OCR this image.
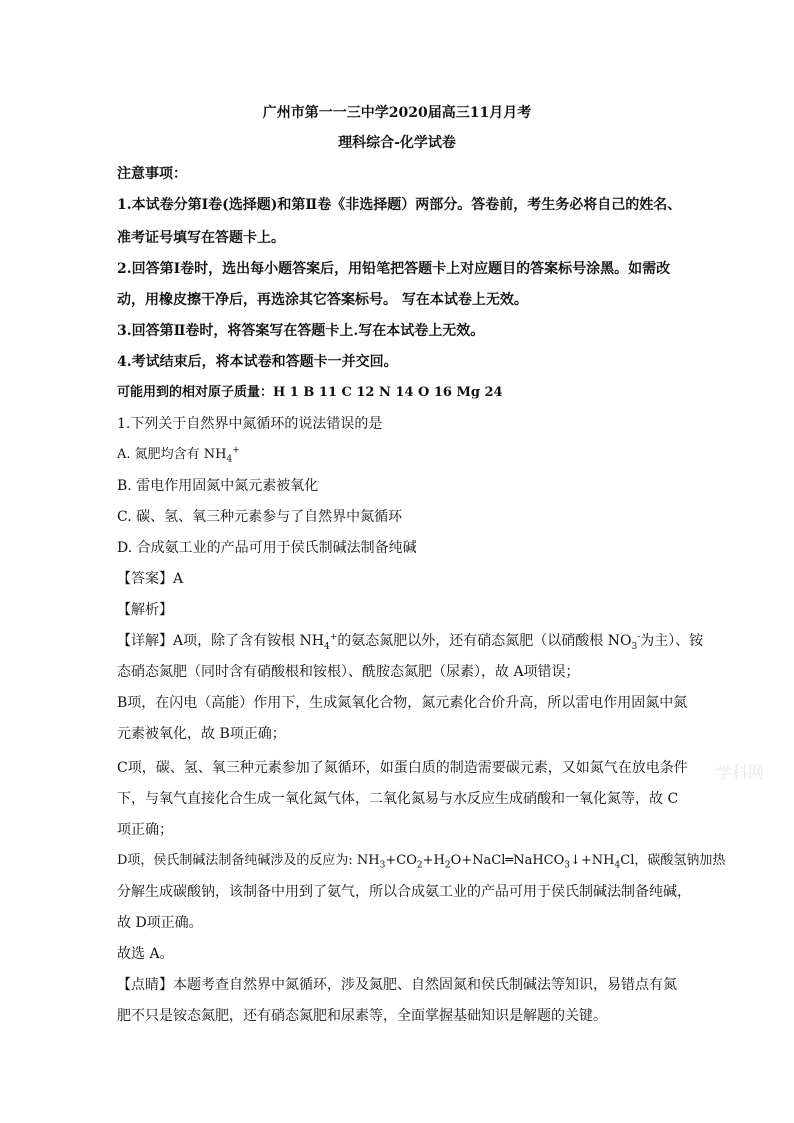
广州市第一一三中学2020届高三11月月考
理科综合-化学试卷
注意事项：
1.本试卷分第Ⅰ卷(选择题)和第Ⅱ卷《非选择题）两部分。答卷前，考生务必将自己的姓名、
准考证号填写在答题卡上。
2.回答第Ⅰ卷时，选出每小题答案后，用铅笔把答题卡上对应题目的答案标号涂黑。如需改
动，用橡皮擦干净后，再选涂其它答案标号。 写在本试卷上无效。
3.回答第Ⅱ卷时，将答案写在答题卡上.写在本试卷上无效。
4.考试结束后，将本试卷和答题卡一并交回。
可能用到的相对原子质量：H 1 B 11 C 12 N 14 O 16 Mg 24
1.下列关于自然界中氮循环的说法错误的是
A. 氮肥均含有 $NH_4^+$
B. 雷电作用固氮中氮元素被氧化
C. 碳、氢、氧三种元素参与了自然界中氮循环
D. 合成氨工业的产品可用于侯氏制碱法制备纯碱
【答案】A
【解析】
【详解】A项，除了含有铵根 $NH_4^+$的氨态氮肥以外，还有硝态氮肥（以硝酸根 $NO_3^-$为主）、铵
态硝态氮肥（同时含有硝酸根和铵根）、酰胺态氮肥（尿素），故 A项错误；
B项，在闪电（高能）作用下，生成氮氧化合物，氮元素化合价升高，所以雷电作用固氮中氮
元素被氧化，故 B项正确；
C项，碳、氢、氧三种元素参加了氮循环，如蛋白质的制造需要碳元素，又如氮气在放电条件
下，与氧气直接化合生成一氧化氮气体，二氧化氮易与水反应生成硝酸和一氧化氮等，故 C
项正确；
D项，侯氏制碱法制备纯碱涉及的反应为: $NH_3+CO_2+H_2O+NaCl═NaHCO_3↓+NH_4Cl$，碳酸氢钠加热
分解生成碳酸钠，该制备中用到了氨气，所以合成氨工业的产品可用于侯氏制碱法制备纯碱，
故 D项正确。
故选 A。
【点睛】本题考查自然界中氮循环，涉及氮肥、自然固氮和侯氏制碱法等知识，易错点有氮
肥不只是铵态氮肥，还有硝态氮肥和尿素等，全面掌握基础知识是解题的关键。
学科网
